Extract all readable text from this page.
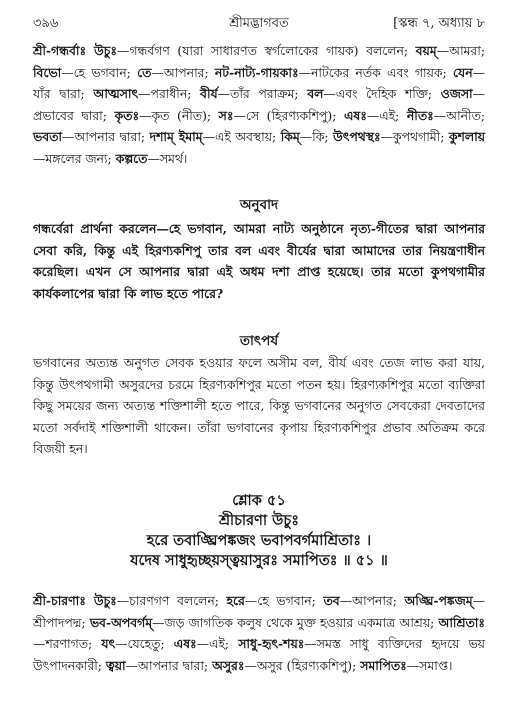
৩৯৬	শ্রীমদ্ভাগবত	[স্কন্ধ ৭, অধ্যায় ৮

শ্রী-গন্ধর্বাঃ উচুঃ—গন্ধর্বগণ (যারা সাধারণত স্বর্গলোকের গায়ক) বললেন; বয়ম্—আমরা; বিভো—হে ভগবান; তে—আপনার; নট-নাট্য-গায়কাঃ—নাটকের নর্তক এবং গায়ক; যেন—যাঁর দ্বারা; আত্মসাৎ—পরাধীন; বীর্য—তাঁর পরাক্রম; বল—এবং দৈহিক শক্তি; ওজসা—প্রভাবের দ্বারা; কৃতঃ—কৃত (নীত); সঃ—সে (হিরণ্যকশিপু); এষঃ—এই; নীতঃ—আনীত; ভবতা—আপনার দ্বারা; দশাম্ ইমাম্—এই অবস্থায়; কিম্—কি; উৎপথস্থঃ—কুপথগামী; কুশলায়—মঙ্গলের জন্য; কল্পতে—সমর্থ।

অনুবাদ

গন্ধর্বেরা প্রার্থনা করলেন—হে ভগবান, আমরা নাট্য অনুষ্ঠানে নৃত্য-গীতের দ্বারা আপনার সেবা করি, কিন্তু এই হিরণ্যকশিপু তার বল এবং বীর্যের দ্বারা আমাদের তার নিয়ন্ত্রণাধীন করেছিল। এখন সে আপনার দ্বারা এই অধম দশা প্রাপ্ত হয়েছে। তার মতো কুপথগামীর কার্যকলাপের দ্বারা কি লাভ হতে পারে?

তাৎপর্য

ভগবানের অত্যন্ত অনুগত সেবক হওয়ার ফলে অসীম বল, বীর্য এবং তেজ লাভ করা যায়, কিন্তু উৎপথগামী অসুরদের চরমে হিরণ্যকশিপুর মতো পতন হয়। হিরণ্যকশিপুর মতো ব্যক্তিরা কিছু সময়ের জন্য অত্যন্ত শক্তিশালী হতে পারে, কিন্তু ভগবানের অনুগত সেবকেরা দেবতাদের মতো সর্বদাই শক্তিশালী থাকেন। তাঁরা ভগবানের কৃপায় হিরণ্যকশিপুর প্রভাব অতিক্রম করে বিজয়ী হন।

শ্লোক ৫১
শ্রীচারণা উচুঃ
হরে তবাঙ্ঘ্রিপঙ্কজং ভবাপবর্গমাশ্রিতাঃ ।
যদেষ সাধুহৃচ্ছয়স্ত্বয়াসুরঃ সমাপিতঃ ॥ ৫১ ॥

শ্রী-চারণাঃ উচুঃ—চারণগণ বললেন; হরে—হে ভগবান; তব—আপনার; অঙ্ঘ্রি-পঙ্কজম্—শ্রীপাদপদ্ম; ভব-অপবর্গম্—জড় জাগতিক কলুষ থেকে মুক্ত হওয়ার একমাত্র আশ্রয়; আশ্রিতাঃ—শরণাগত; যৎ—যেহেতু; এষঃ—এই; সাধু-হৃৎ-শয়ঃ—সমস্ত সাধু ব্যক্তিদের হৃদয়ে ভয় উৎপাদনকারী; ত্বয়া—আপনার দ্বারা; অসুরঃ—অসুর (হিরণ্যকশিপু); সমাপিতঃ—সমাপ্ত।
